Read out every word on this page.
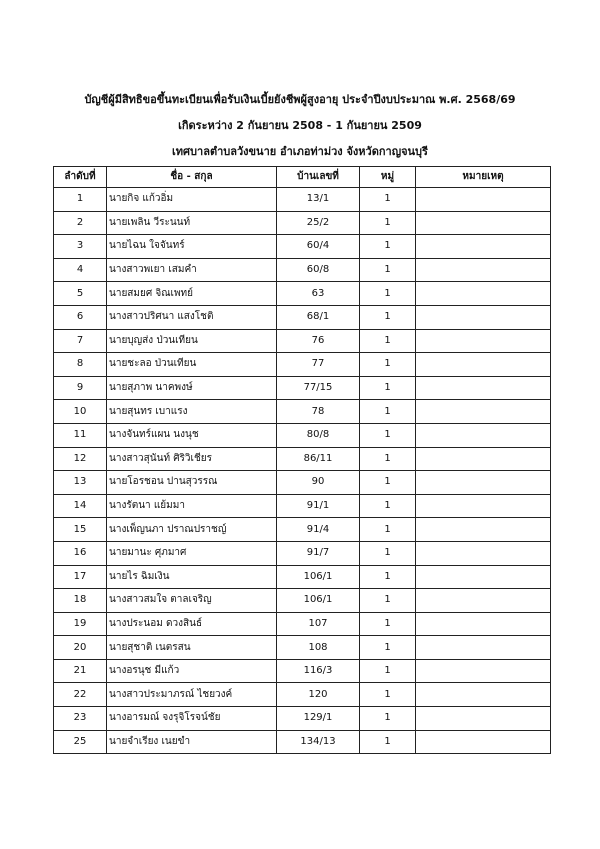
บัญชีผู้มีสิทธิขอขึ้นทะเบียนเพื่อรับเงินเบี้ยยังชีพผู้สูงอายุ ประจำปีงบประมาณ พ.ศ. 2568/69
เกิดระหว่าง 2 กันยายน 2508 - 1 กันยายน 2509
เทศบาลตำบลวังขนาย อำเภอท่าม่วง จังหวัดกาญจนบุรี
ลำดับที่	ชื่อ - สกุล	บ้านเลขที่	หมู่	หมายเหตุ
1	นายกิจ แก้วอิ่ม	13/1	1	
2	นายเพลิน วีระนนท์	25/2	1	
3	นายไฉน ใจจันทร์	60/4	1	
4	นางสาวพเยา เสมคำ	60/8	1	
5	นายสมยศ จิณเพทย์	63	1	
6	นางสาวปริศนา แสงโชติ	68/1	1	
7	นายบุญส่ง ป่วนเทียน	76	1	
8	นายชะลอ ป่วนเทียน	77	1	
9	นายสุภาพ นาคพงษ์	77/15	1	
10	นายสุนทร เบาแรง	78	1	
11	นางจันทร์แผน นงนุช	80/8	1	
12	นางสาวสุนันท์ ศิริวิเชียร	86/11	1	
13	นายโอรชอน ปานสุวรรณ	90	1	
14	นางรัตนา แย้มมา	91/1	1	
15	นางเพ็ญนภา ปราณปราชญ์	91/4	1	
16	นายมานะ ศุภมาศ	91/7	1	
17	นายไร ฉิมเงิน	106/1	1	
18	นางสาวสมใจ ตาลเจริญ	106/1	1	
19	นางประนอม ดวงสินธ์	107	1	
20	นายสุชาติ เนตรสน	108	1	
21	นางอรนุช มีแก้ว	116/3	1	
22	นางสาวประมาภรณ์ ไชยวงค์	120	1	
23	นางอารมณ์ จงรุจิโรจน์ชัย	129/1	1	
25	นายจำเรียง เนยขำ	134/13	1	
